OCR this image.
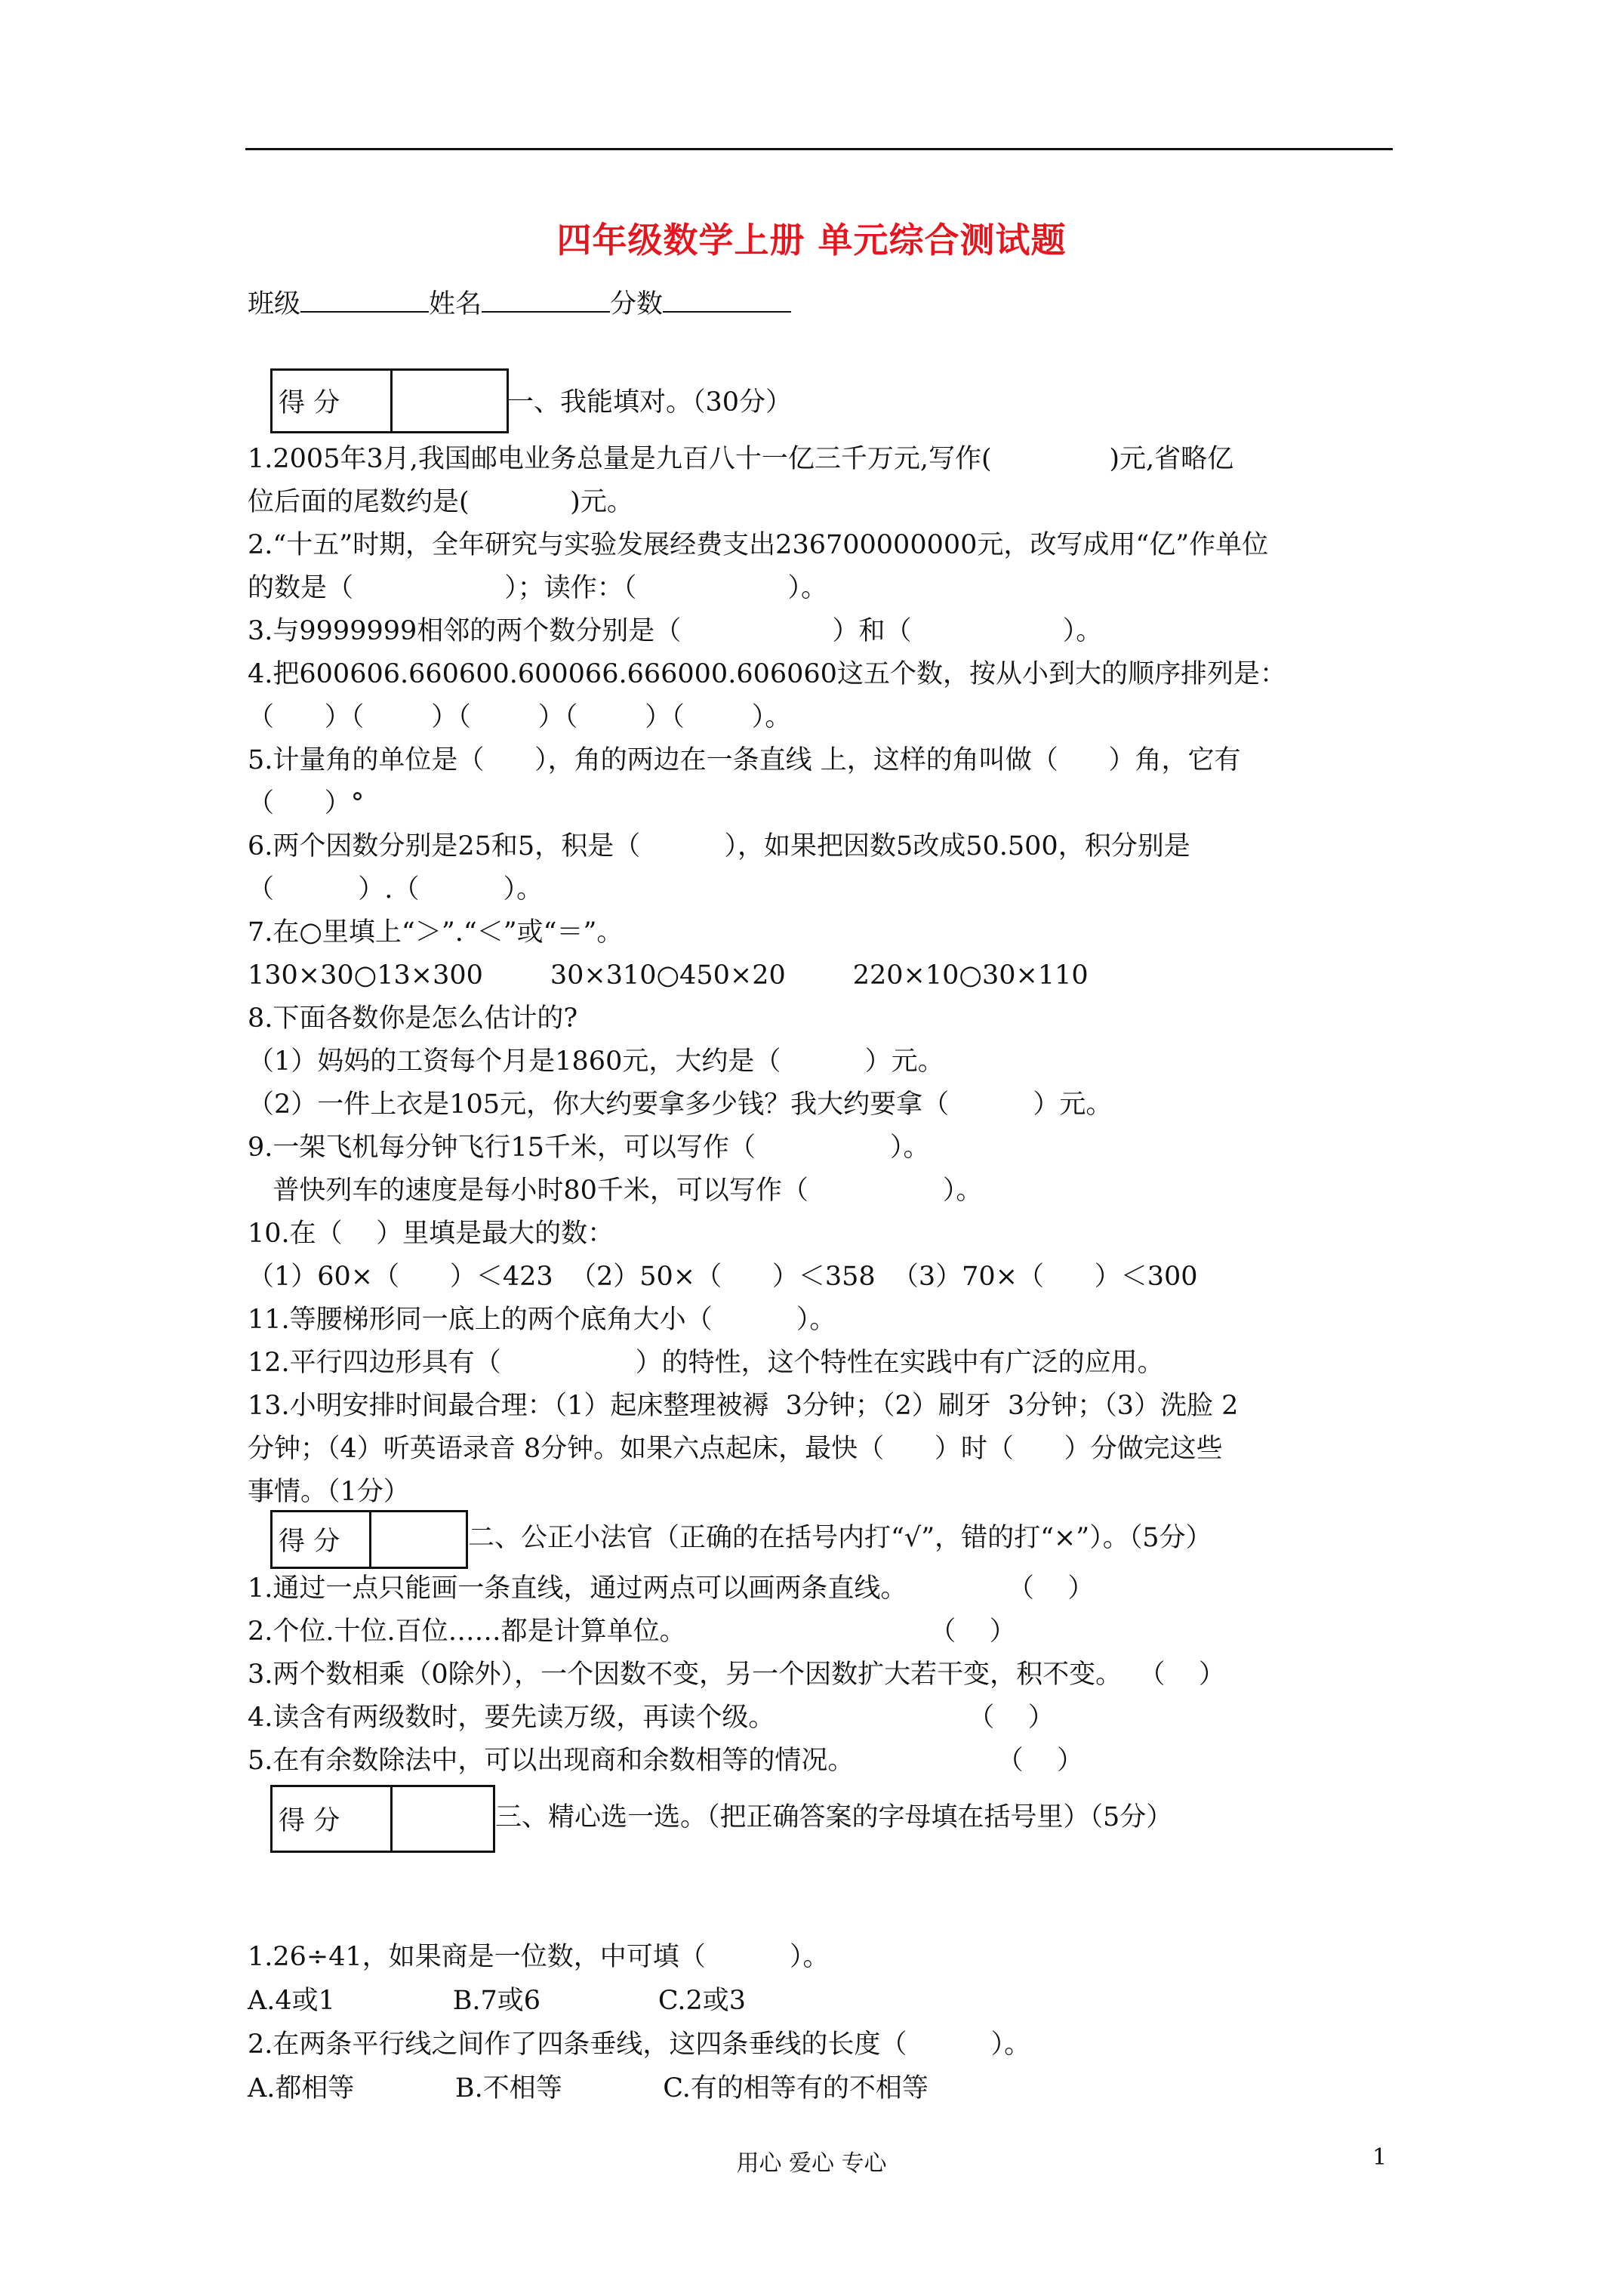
四年级数学上册 单元综合测试题
班级	姓名	分数
得 分	一、我能填对。（30分）
1.2005年3月,我国邮电业务总量是九百八十一亿三千万元,写作(              )元,省略亿
位后面的尾数约是(            )元。
2.“十五”时期，全年研究与实验发展经费支出236700000000元，改写成用“亿”作单位
的数是（                  ）；读作：（                  ）。
3.与9999999相邻的两个数分别是（                  ）和（                  ）。
4.把600606.660600.600066.666000.606060这五个数，按从小到大的顺序排列是：
（      ）（        ）（        ）（        ）（        ）。
5.计量角的单位是（      ），角的两边在一条直线 上，这样的角叫做（      ）角，它有
（      ）°
6.两个因数分别是25和5，积是（          ），如果把因数5改成50.500，积分别是
（          ）.（          ）。
7.在○里填上“＞”.“＜”或“＝”。
130×30○13×300        30×310○450×20        220×10○30×110
8.下面各数你是怎么估计的?
（1）妈妈的工资每个月是1860元，大约是（          ）元。
（2）一件上衣是105元，你大约要拿多少钱？我大约要拿（          ）元。
9.一架飞机每分钟飞行15千米，可以写作（                ）。
普快列车的速度是每小时80千米，可以写作（                ）。
10.在（    ）里填是最大的数：
（1）60×（      ）＜423  （2）50×（      ）＜358  （3）70×（      ）＜300
11.等腰梯形同一底上的两个底角大小（          ）。
12.平行四边形具有（                ）的特性，这个特性在实践中有广泛的应用。
13.小明安排时间最合理：（1）起床整理被褥  3分钟；（2）刷牙  3分钟；（3）洗脸 2
分钟；（4）听英语录音 8分钟。如果六点起床，最快（      ）时（      ）分做完这些
事情。（1分）
得 分	二、公正小法官（正确的在括号内打“√”，错的打“×”）。（5分）
1.通过一点只能画一条直线，通过两点可以画两条直线。            （    ）
2.个位.十位.百位……都是计算单位。                             （    ）
3.两个数相乘（0除外），一个因数不变，另一个因数扩大若干变，积不变。  （    ）
4.读含有两级数时，要先读万级，再读个级。                       （    ）
5.在有余数除法中，可以出现商和余数相等的情况。                 （    ）
得 分	三、精心选一选。（把正确答案的字母填在括号里）（5分）
1.26÷41，如果商是一位数，中可填（          ）。
A.4或1              B.7或6              C.2或3
2.在两条平行线之间作了四条垂线，这四条垂线的长度（          ）。
A.都相等            B.不相等            C.有的相等有的不相等
用心 爱心 专心	1
